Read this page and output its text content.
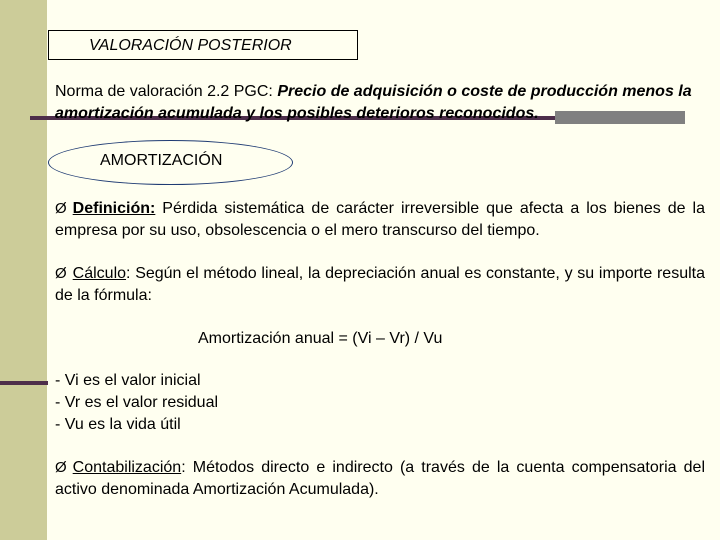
VALORACIÓN POSTERIOR
Norma de valoración 2.2 PGC: Precio de adquisición o coste de producción menos la amortización acumulada y los posibles deterioros reconocidos.
AMORTIZACIÓN
Ø Definición: Pérdida sistemática de carácter irreversible que afecta a los bienes de la empresa por su uso, obsolescencia o el mero transcurso del tiempo.
Ø Cálculo: Según el método lineal, la depreciación anual es constante, y su importe resulta de la fórmula:
Amortización anual = (Vi – Vr) / Vu
- Vi es el valor inicial
- Vr es el valor residual
- Vu es la vida útil
Ø Contabilización: Métodos directo e indirecto (a través de la cuenta compensatoria del activo denominada Amortización Acumulada).
